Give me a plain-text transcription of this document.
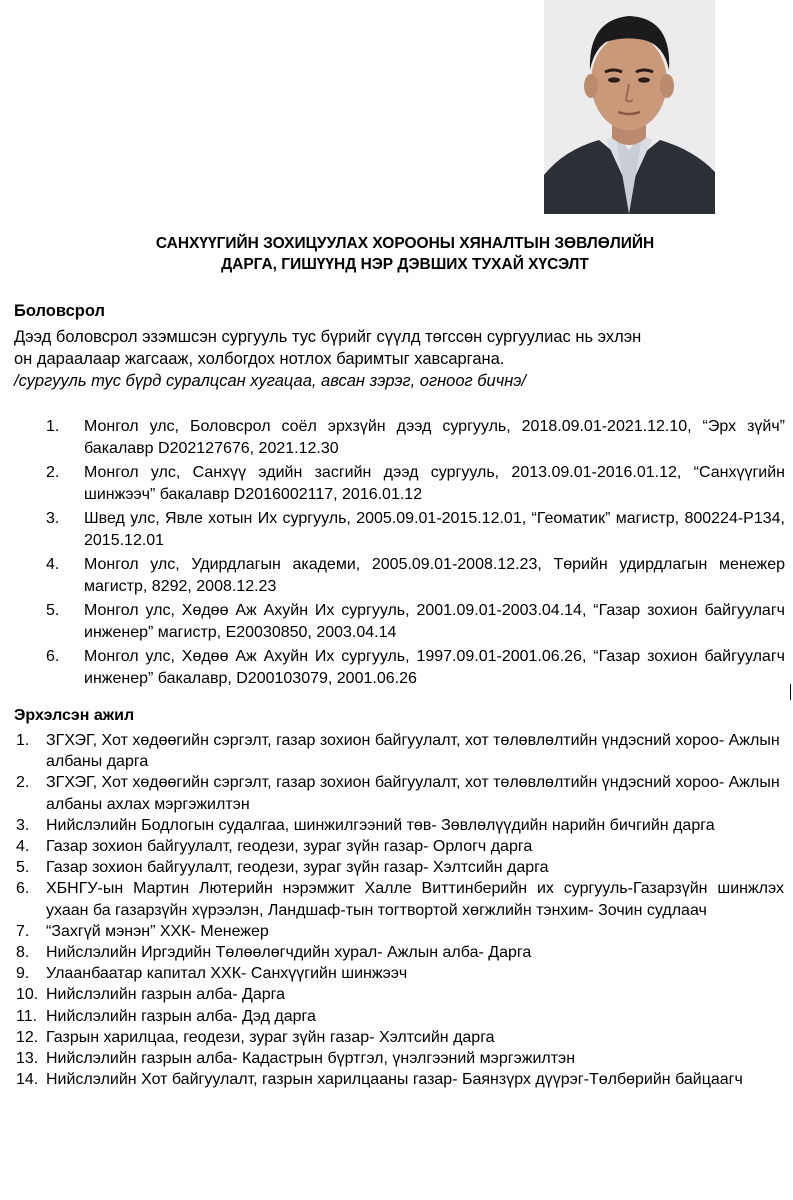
САНХҮҮГИЙН ЗОХИЦУУЛАХ ХОРООНЫ ХЯНАЛТЫН ЗӨВЛӨЛИЙН
ДАРГА, ГИШҮҮНД НЭР ДЭВШИХ ТУХАЙ ХҮСЭЛТ
Боловсрол
Дээд боловсрол эзэмшсэн сургууль тус бүрийг сүүлд төгссөн сургуулиас нь эхлэн
он дараалаар жагсааж, холбогдох нотлох баримтыг хавсаргана.
/сургууль тус бүрд суралцсан хугацаа, авсан зэрэг, огноог бичнэ/
1.	Монгол улс, Боловсрол соёл эрхзүйн дээд сургууль, 2018.09.01-2021.12.10, “Эрх зүйч” бакалавр D202127676, 2021.12.30
2.	Монгол улс, Санхүү эдийн засгийн дээд сургууль, 2013.09.01-2016.01.12, “Санхүүгийн шинжээч” бакалавр D2016002117, 2016.01.12
3.	Швед улс, Явле хотын Их сургууль, 2005.09.01-2015.12.01, “Геоматик” магистр, 800224-P134, 2015.12.01
4.	Монгол улс, Удирдлагын академи, 2005.09.01-2008.12.23, Төрийн удирдлагын менежер магистр, 8292, 2008.12.23
5.	Монгол улс, Хөдөө Аж Ахуйн Их сургууль, 2001.09.01-2003.04.14, “Газар зохион байгуулагч инженер” магистр, E20030850, 2003.04.14
6.	Монгол улс, Хөдөө Аж Ахуйн Их сургууль, 1997.09.01-2001.06.26, “Газар зохион байгуулагч инженер” бакалавр, D200103079, 2001.06.26
Эрхэлсэн ажил
1.	ЗГХЭГ, Хот хөдөөгийн сэргэлт, газар зохион байгуулалт, хот төлөвлөлтийн үндэсний хороо- Ажлын албаны дарга
2.	ЗГХЭГ, Хот хөдөөгийн сэргэлт, газар зохион байгуулалт, хот төлөвлөлтийн үндэсний хороо- Ажлын албаны ахлах мэргэжилтэн
3.	Нийслэлийн Бодлогын судалгаа, шинжилгээний төв- Зөвлөлүүдийн нарийн бичгийн дарга
4.	Газар зохион байгуулалт, геодези, зураг зүйн газар- Орлогч дарга
5.	Газар зохион байгуулалт, геодези, зураг зүйн газар- Хэлтсийн дарга
6.	ХБНГУ-ын Мартин Лютерийн нэрэмжит Халле Виттинберийн их сургууль-Газарзүйн шинжлэх ухаан ба газарзүйн хүрээлэн, Ландшаф-тын тогтвортой хөгжлийн тэнхим- Зочин судлаач
7.	“Захгүй мэнэн” ХХК- Менежер
8.	Нийслэлийн Иргэдийн Төлөөлөгчдийн хурал- Ажлын алба- Дарга
9.	Улаанбаатар капитал ХХК- Санхүүгийн шинжээч
10. Нийслэлийн газрын алба- Дарга
11. Нийслэлийн газрын алба- Дэд дарга
12. Газрын харилцаа, геодези, зураг зүйн газар- Хэлтсийн дарга
13. Нийслэлийн газрын алба- Кадастрын бүртгэл, үнэлгээний мэргэжилтэн
14. Нийслэлийн Хот байгуулалт, газрын харилцааны газар- Баянзүрх дүүрэг-Төлбөрийн байцаагч
